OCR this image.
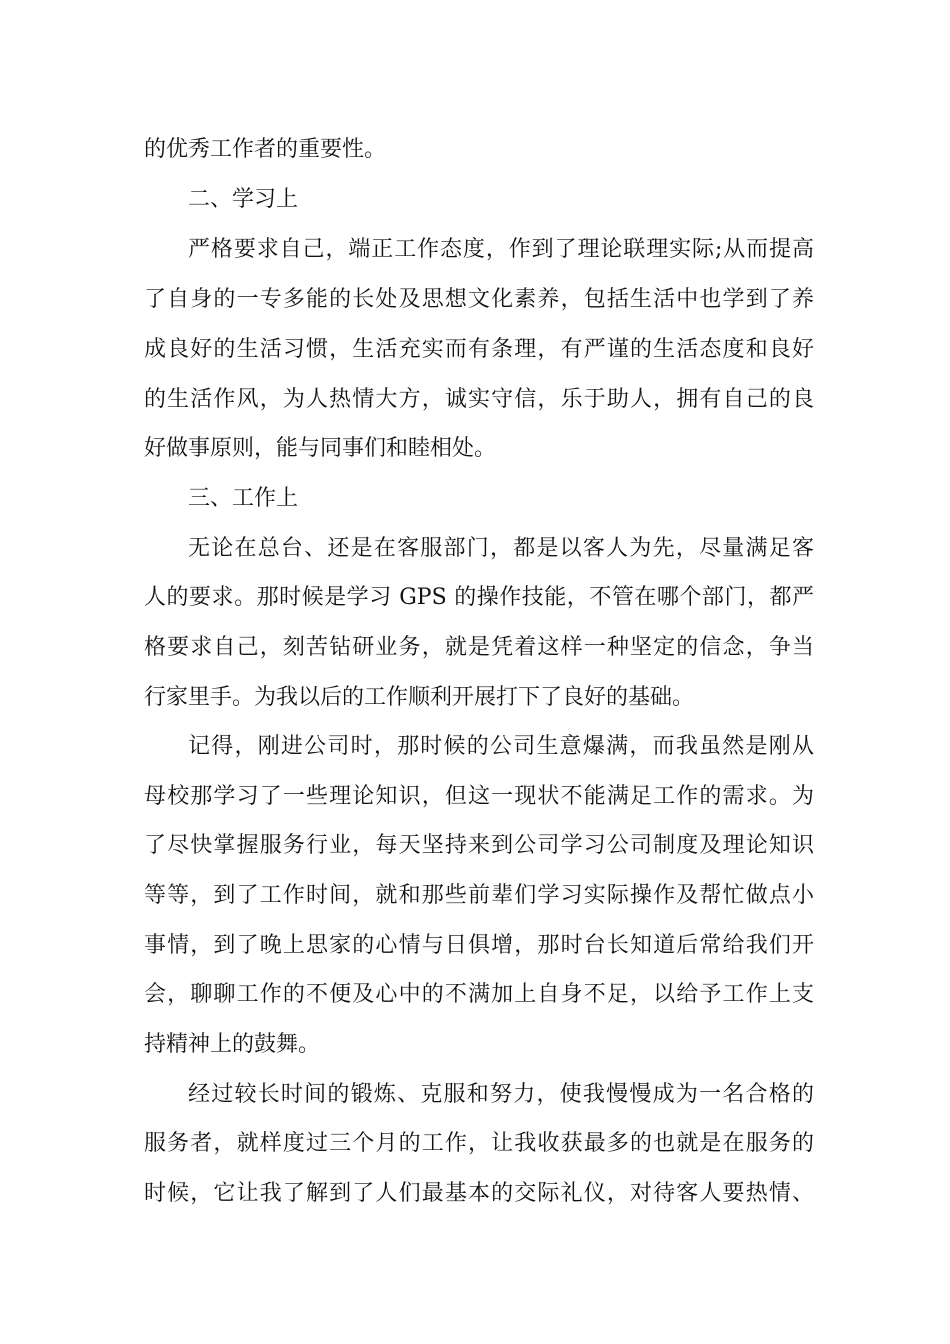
的优秀工作者的重要性。
二、学习上
严格要求自己，端正工作态度，作到了理论联理实际;从而提高
了自身的一专多能的长处及思想文化素养，包括生活中也学到了养
成良好的生活习惯，生活充实而有条理，有严谨的生活态度和良好
的生活作风，为人热情大方，诚实守信，乐于助人，拥有自己的良
好做事原则，能与同事们和睦相处。
三、工作上
无论在总台、还是在客服部门，都是以客人为先，尽量满足客
人的要求。那时候是学习 GPS 的操作技能，不管在哪个部门，都严
格要求自己，刻苦钻研业务，就是凭着这样一种坚定的信念，争当
行家里手。为我以后的工作顺利开展打下了良好的基础。
记得，刚进公司时，那时候的公司生意爆满，而我虽然是刚从
母校那学习了一些理论知识，但这一现状不能满足工作的需求。为
了尽快掌握服务行业，每天坚持来到公司学习公司制度及理论知识
等等，到了工作时间，就和那些前辈们学习实际操作及帮忙做点小
事情，到了晚上思家的心情与日俱增，那时台长知道后常给我们开
会，聊聊工作的不便及心中的不满加上自身不足，以给予工作上支
持精神上的鼓舞。
经过较长时间的锻炼、克服和努力，使我慢慢成为一名合格的
服务者，就样度过三个月的工作，让我收获最多的也就是在服务的
时候，它让我了解到了人们最基本的交际礼仪，对待客人要热情、
